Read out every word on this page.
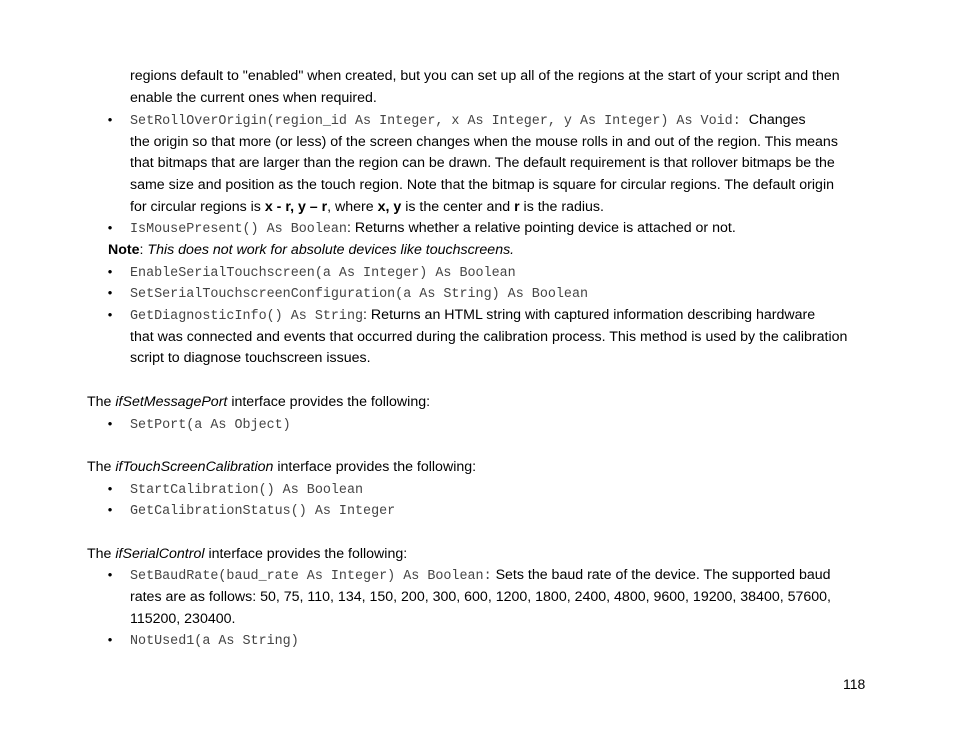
regions default to "enabled" when created, but you can set up all of the regions at the start of your script and then
enable the current ones when required.
• SetRollOverOrigin(region_id As Integer, x As Integer, y As Integer) As Void: Changes
the origin so that more (or less) of the screen changes when the mouse rolls in and out of the region. This means
that bitmaps that are larger than the region can be drawn. The default requirement is that rollover bitmaps be the
same size and position as the touch region. Note that the bitmap is square for circular regions. The default origin
for circular regions is x - r, y – r, where x, y is the center and r is the radius.
• IsMousePresent() As Boolean: Returns whether a relative pointing device is attached or not.
Note: This does not work for absolute devices like touchscreens.
• EnableSerialTouchscreen(a As Integer) As Boolean
• SetSerialTouchscreenConfiguration(a As String) As Boolean
• GetDiagnosticInfo() As String: Returns an HTML string with captured information describing hardware
that was connected and events that occurred during the calibration process. This method is used by the calibration
script to diagnose touchscreen issues.
The ifSetMessagePort interface provides the following:
• SetPort(a As Object)
The ifTouchScreenCalibration interface provides the following:
• StartCalibration() As Boolean
• GetCalibrationStatus() As Integer
The ifSerialControl interface provides the following:
• SetBaudRate(baud_rate As Integer) As Boolean: Sets the baud rate of the device. The supported baud
rates are as follows: 50, 75, 110, 134, 150, 200, 300, 600, 1200, 1800, 2400, 4800, 9600, 19200, 38400, 57600,
115200, 230400.
• NotUsed1(a As String)
118
